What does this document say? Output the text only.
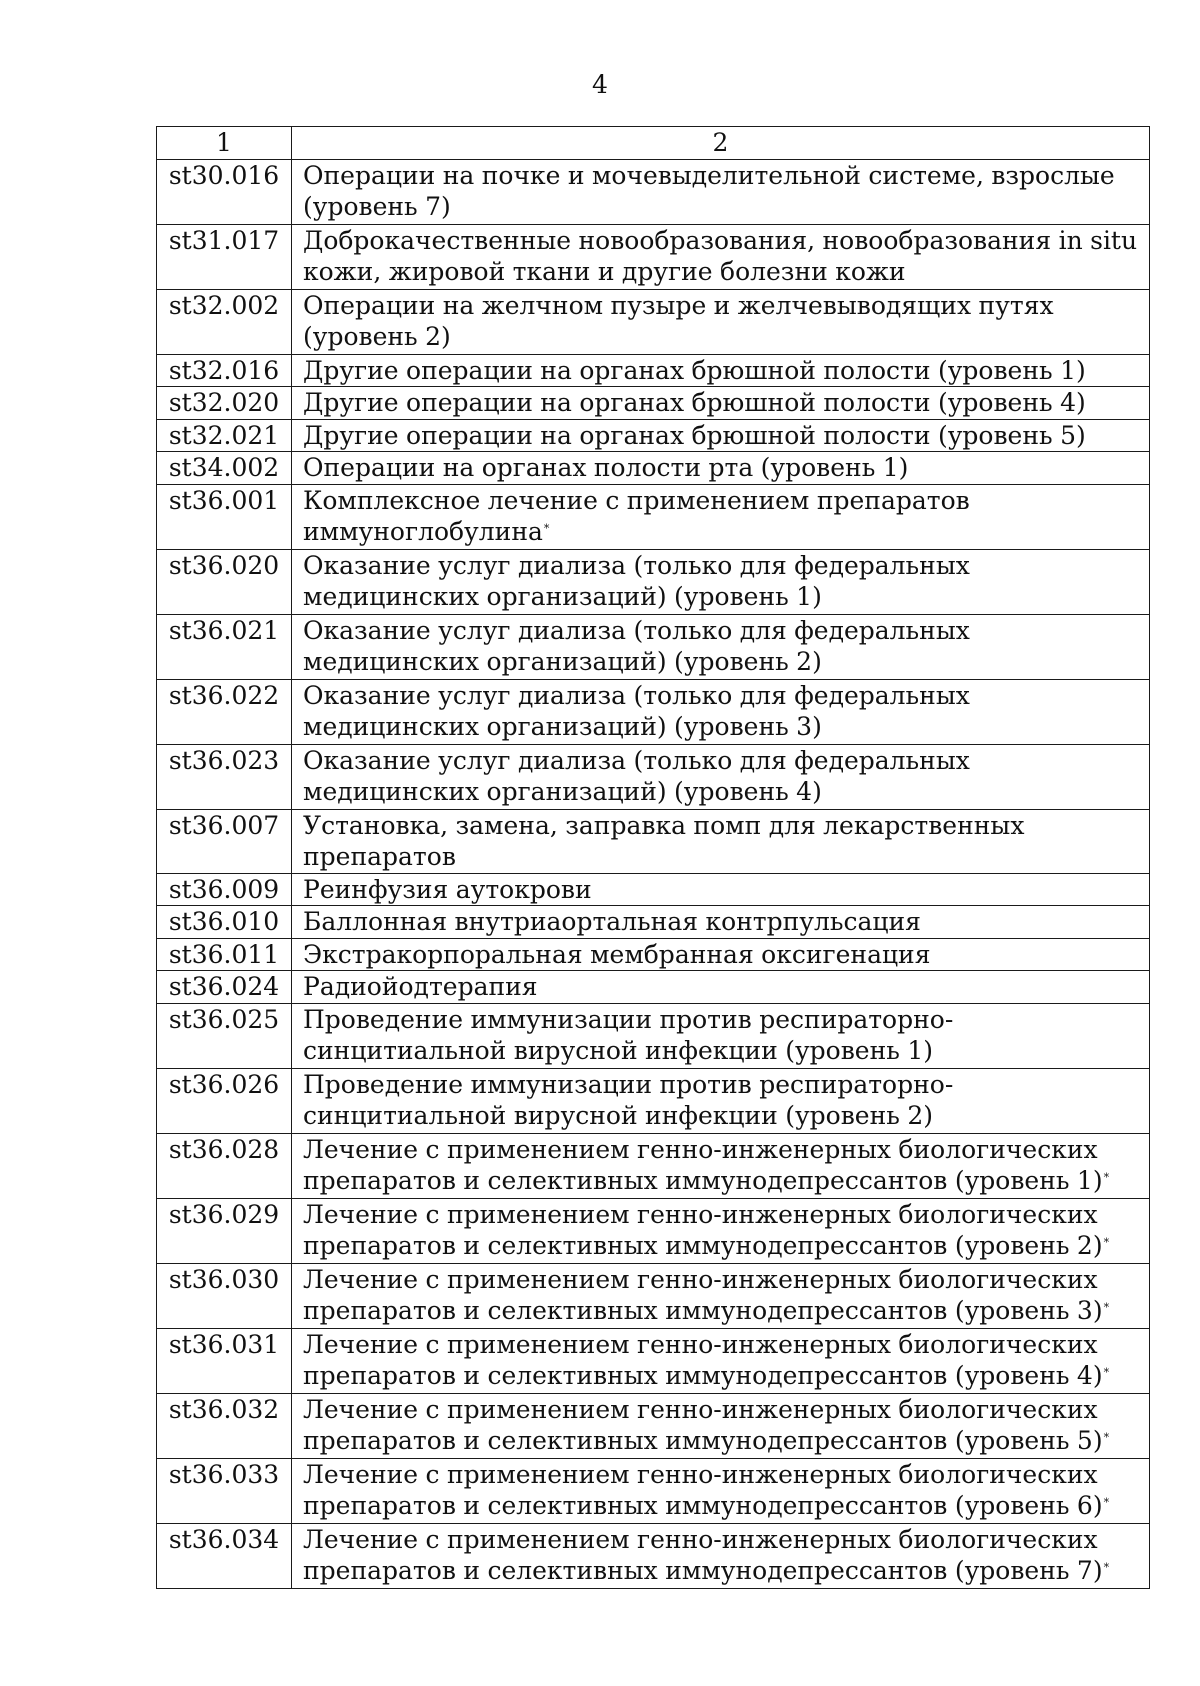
4
1	2
st30.016	Операции на почке и мочевыделительной системе, взрослые (уровень 7)
st31.017	Доброкачественные новообразования, новообразования in situ кожи, жировой ткани и другие болезни кожи
st32.002	Операции на желчном пузыре и желчевыводящих путях (уровень 2)
st32.016	Другие операции на органах брюшной полости (уровень 1)
st32.020	Другие операции на органах брюшной полости (уровень 4)
st32.021	Другие операции на органах брюшной полости (уровень 5)
st34.002	Операции на органах полости рта (уровень 1)
st36.001	Комплексное лечение с применением препаратов иммуноглобулина*
st36.020	Оказание услуг диализа (только для федеральных медицинских организаций) (уровень 1)
st36.021	Оказание услуг диализа (только для федеральных медицинских организаций) (уровень 2)
st36.022	Оказание услуг диализа (только для федеральных медицинских организаций) (уровень 3)
st36.023	Оказание услуг диализа (только для федеральных медицинских организаций) (уровень 4)
st36.007	Установка, замена, заправка помп для лекарственных препаратов
st36.009	Реинфузия аутокрови
st36.010	Баллонная внутриаортальная контрпульсация
st36.011	Экстракорпоральная мембранная оксигенация
st36.024	Радиойодтерапия
st36.025	Проведение иммунизации против респираторно-синцитиальной вирусной инфекции (уровень 1)
st36.026	Проведение иммунизации против респираторно-синцитиальной вирусной инфекции (уровень 2)
st36.028	Лечение с применением генно-инженерных биологических препаратов и селективных иммунодепрессантов (уровень 1)*
st36.029	Лечение с применением генно-инженерных биологических препаратов и селективных иммунодепрессантов (уровень 2)*
st36.030	Лечение с применением генно-инженерных биологических препаратов и селективных иммунодепрессантов (уровень 3)*
st36.031	Лечение с применением генно-инженерных биологических препаратов и селективных иммунодепрессантов (уровень 4)*
st36.032	Лечение с применением генно-инженерных биологических препаратов и селективных иммунодепрессантов (уровень 5)*
st36.033	Лечение с применением генно-инженерных биологических препаратов и селективных иммунодепрессантов (уровень 6)*
st36.034	Лечение с применением генно-инженерных биологических препаратов и селективных иммунодепрессантов (уровень 7)*
